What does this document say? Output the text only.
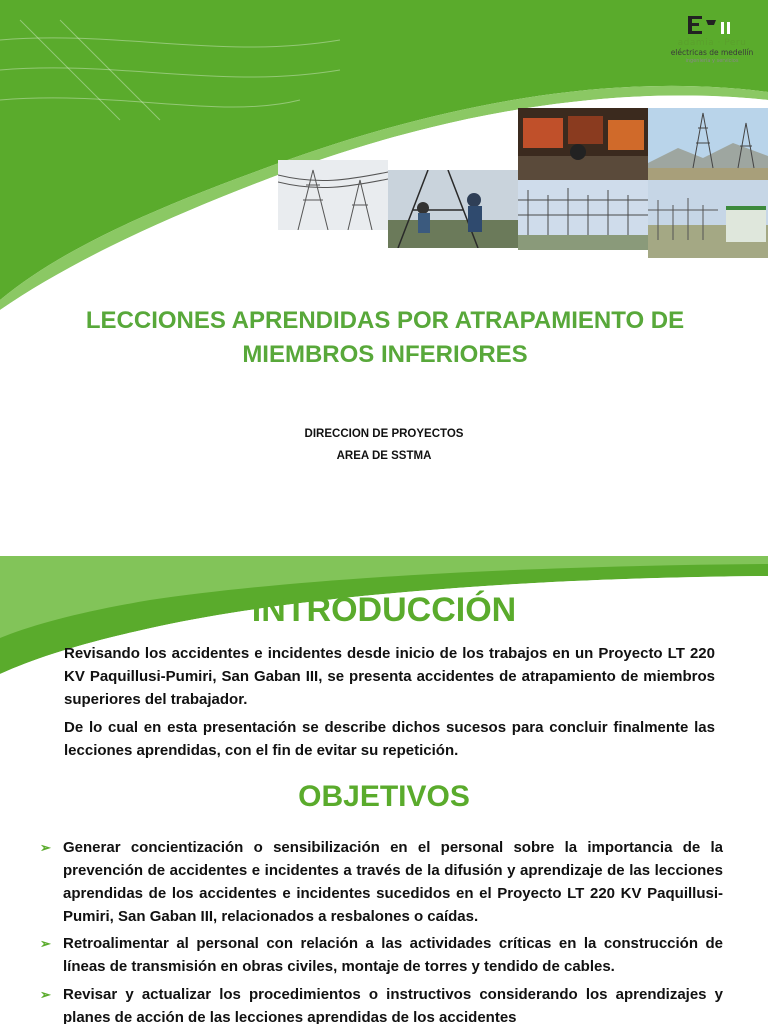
adamia · Peru
eléctricas de medellín
ingeniería y servicios
LECCIONES APRENDIDAS POR ATRAPAMIENTO DE MIEMBROS INFERIORES
DIRECCION DE PROYECTOS
AREA DE SSTMA
INTRODUCCIÓN
Revisando los accidentes e incidentes desde inicio de los trabajos en un Proyecto LT 220 KV Paquillusi-Pumiri, San Gaban III, se presenta accidentes de atrapamiento de miembros superiores del trabajador.
De lo cual en esta presentación se describe dichos sucesos para concluir finalmente las lecciones aprendidas, con el fin de evitar su repetición.
OBJETIVOS
➢ Generar concientización o sensibilización en el personal sobre la importancia de la prevención de accidentes e incidentes a través de la difusión y aprendizaje de las lecciones aprendidas de los accidentes e incidentes sucedidos en el Proyecto LT 220 KV Paquillusi-Pumiri, San Gaban III, relacionados a resbalones o caídas.
➢ Retroalimentar al personal con relación a las actividades críticas en la construcción de líneas de transmisión en obras civiles, montaje de torres y tendido de cables.
➢ Revisar y actualizar los procedimientos o instructivos considerando los aprendizajes y planes de acción de las lecciones aprendidas de los accidentes
